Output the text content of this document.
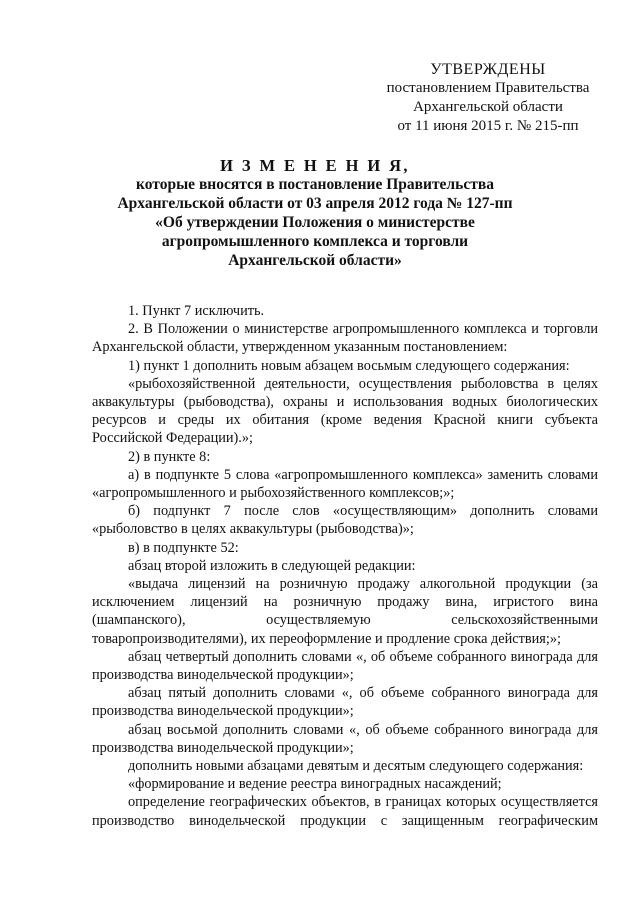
УТВЕРЖДЕНЫ
постановлением Правительства
Архангельской области
от 11 июня 2015 г. № 215-пп
И З М Е Н Е Н И Я,
которые вносятся в постановление Правительства
Архангельской области от 03 апреля 2012 года № 127-пп
«Об утверждении Положения о министерстве
агропромышленного комплекса и торговли
Архангельской области»

1. Пункт 7 исключить.

2. В Положении о министерстве агропромышленного комплекса и торговли Архангельской области, утвержденном указанным постановлением:

1) пункт 1 дополнить новым абзацем восьмым следующего содержания:

«рыбохозяйственной деятельности, осуществления рыболовства в целях аквакультуры (рыбоводства), охраны и использования водных биологических ресурсов и среды их обитания (кроме ведения Красной книги субъекта Российской Федерации).»;

2) в пункте 8:

а) в подпункте 5 слова «агропромышленного комплекса» заменить словами «агропромышленного и рыбохозяйственного комплексов;»;

б) подпункт 7 после слов «осуществляющим» дополнить словами «рыболовство в целях аквакультуры (рыбоводства)»;

в) в подпункте 52:

абзац второй изложить в следующей редакции:

«выдача лицензий на розничную продажу алкогольной продукции (за исключением лицензий на розничную продажу вина, игристого вина (шампанского), осуществляемую сельскохозяйственными товаропроизводителями), их переоформление и продление срока действия;»;

абзац четвертый дополнить словами «, об объеме собранного винограда для производства винодельческой продукции»;

абзац пятый дополнить словами «, об объеме собранного винограда для производства винодельческой продукции»;

абзац восьмой дополнить словами «, об объеме собранного винограда для производства винодельческой продукции»;

дополнить новыми абзацами девятым и десятым следующего содержания:

«формирование и ведение реестра виноградных насаждений;

определение географических объектов, в границах которых осуществляется производство винодельческой продукции с защищенным географическим
